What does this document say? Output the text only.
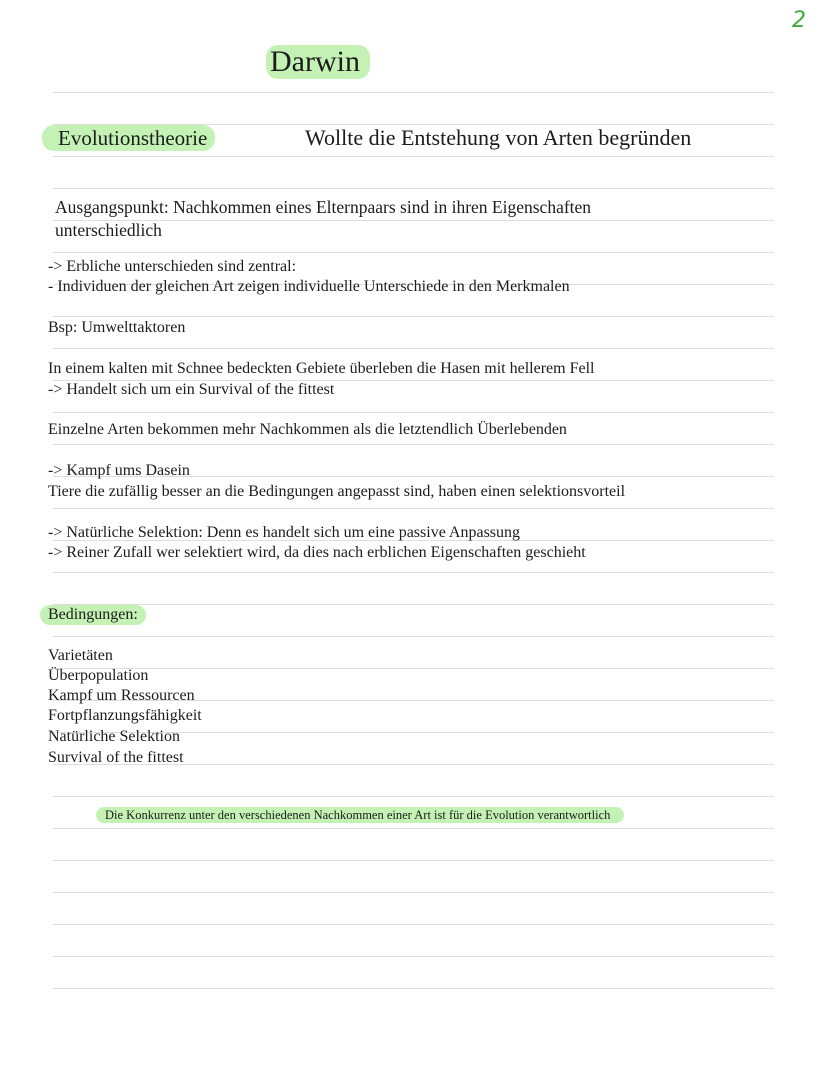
2
Darwin
Evolutionstheorie	Wollte die Entstehung von Arten begründen
Ausgangspunkt: Nachkommen eines Elternpaars sind in ihren Eigenschaften
unterschiedlich
-> Erbliche unterschieden sind zentral:
- Individuen der gleichen Art zeigen individuelle Unterschiede in den Merkmalen
Bsp: Umwelttaktoren
In einem kalten mit Schnee bedeckten Gebiete überleben die Hasen mit hellerem Fell
-> Handelt sich um ein Survival of the fittest
Einzelne Arten bekommen mehr Nachkommen als die letztendlich Überlebenden
-> Kampf ums Dasein
Tiere die zufällig besser an die Bedingungen angepasst sind, haben einen selektionsvorteil
-> Natürliche Selektion: Denn es handelt sich um eine passive Anpassung
-> Reiner Zufall wer selektiert wird, da dies nach erblichen Eigenschaften geschieht
Bedingungen:
Varietäten
Überpopulation
Kampf um Ressourcen
Fortpflanzungsfähigkeit
Natürliche Selektion
Survival of the fittest
Die Konkurrenz unter den verschiedenen Nachkommen einer Art ist für die Evolution verantwortlich
